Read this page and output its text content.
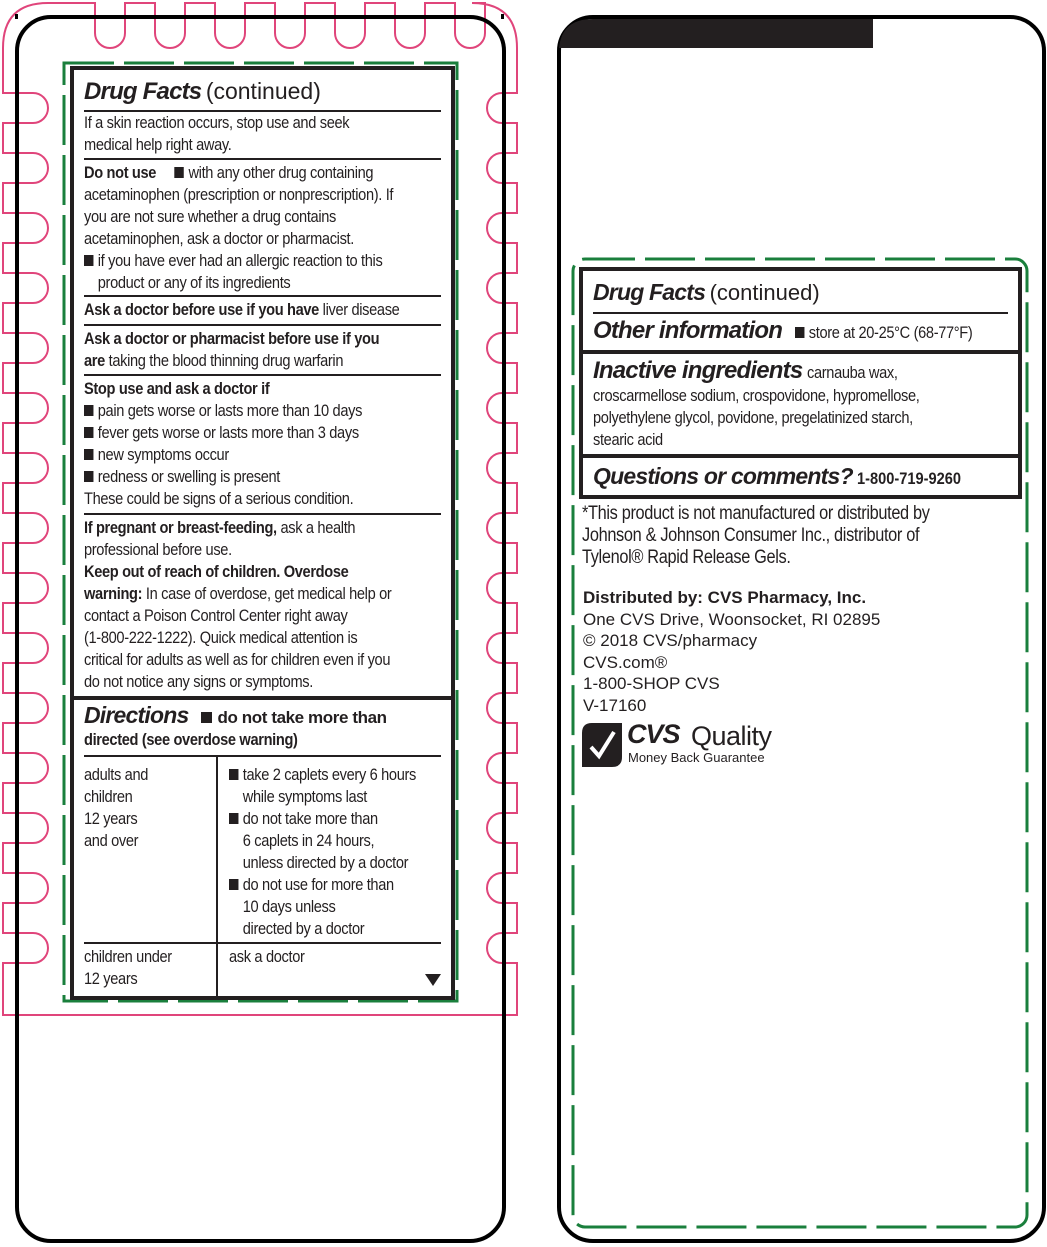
Drug Facts (continued)
If a skin reaction occurs, stop use and seek
medical help right away.
Do not use with any other drug containing
acetaminophen (prescription or nonprescription). If
you are not sure whether a drug contains
acetaminophen, ask a doctor or pharmacist.
if you have ever had an allergic reaction to this
product or any of its ingredients
Ask a doctor before use if you have liver disease
Ask a doctor or pharmacist before use if you
are taking the blood thinning drug warfarin
Stop use and ask a doctor if
pain gets worse or lasts more than 10 days
fever gets worse or lasts more than 3 days
new symptoms occur
redness or swelling is present
These could be signs of a serious condition.
If pregnant or breast-feeding, ask a health
professional before use.
Keep out of reach of children. Overdose
warning: In case of overdose, get medical help or
contact a Poison Control Center right away
(1-800-222-1222). Quick medical attention is
critical for adults as well as for children even if you
do not notice any signs or symptoms.
Directions do not take more than
directed (see overdose warning)
adults and
children
12 years
and over
take 2 caplets every 6 hours
while symptoms last
do not take more than
6 caplets in 24 hours,
unless directed by a doctor
do not use for more than
10 days unless
directed by a doctor
children under
12 years
ask a doctor
Drug Facts (continued)
Other information store at 20-25°C (68-77°F)
Inactive ingredients carnauba wax,
croscarmellose sodium, crospovidone, hypromellose,
polyethylene glycol, povidone, pregelatinized starch,
stearic acid
Questions or comments? 1-800-719-9260
*This product is not manufactured or distributed by
Johnson & Johnson Consumer Inc., distributor of
Tylenol® Rapid Release Gels.
Distributed by: CVS Pharmacy, Inc.
One CVS Drive, Woonsocket, RI 02895
© 2018 CVS/pharmacy
CVS.com®
1-800-SHOP CVS
V-17160
CVS Quality
Money Back Guarantee
